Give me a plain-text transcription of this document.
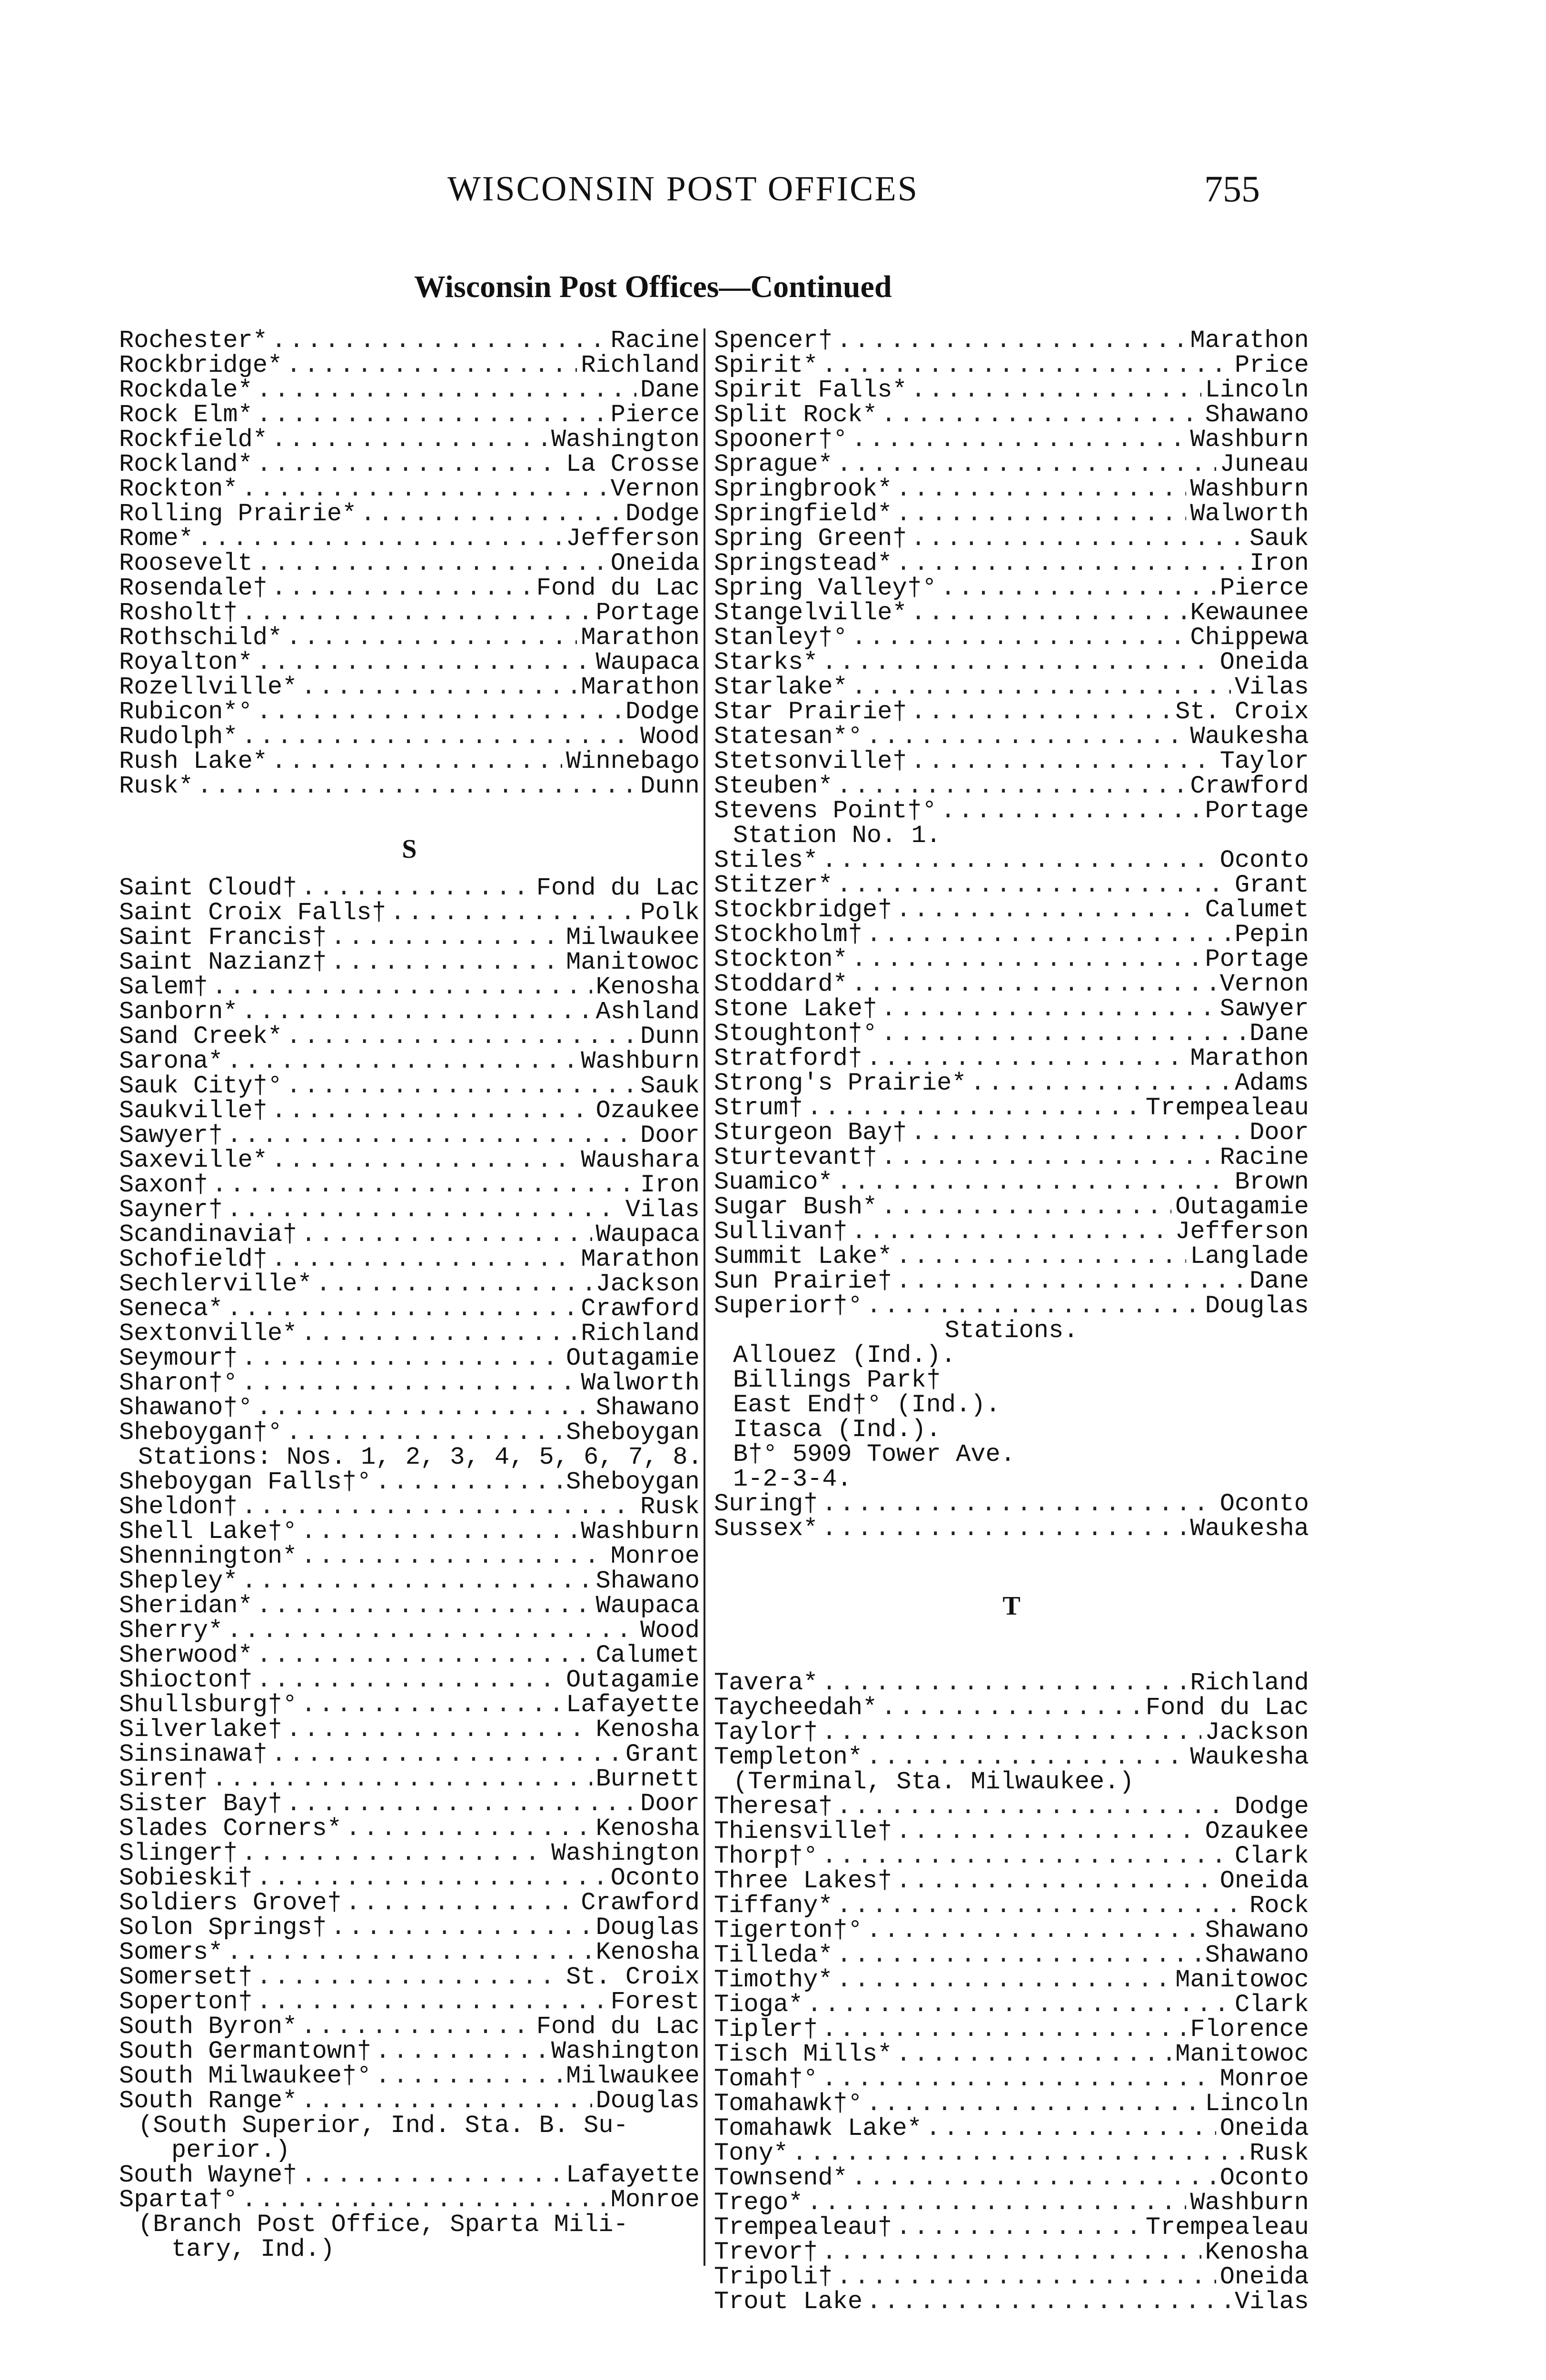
WISCONSIN POST OFFICES	755
Wisconsin Post Offices—Continued
Rochester* .....	Racine
Rockbridge* .....	Richland
Rockdale* .....	Dane
Rock Elm* .....	Pierce
Rockfield* .....	Washington
Rockland* .....	La Crosse
Rockton* .....	Vernon
Rolling Prairie* .....	Dodge
Rome* .....	Jefferson
Roosevelt .....	Oneida
Rosendale† .....	Fond du Lac
Rosholt† .....	Portage
Rothschild* .....	Marathon
Royalton* .....	Waupaca
Rozellville* .....	Marathon
Rubicon*° .....	Dodge
Rudolph* .....	Wood
Rush Lake* .....	Winnebago
Rusk* .....	Dunn
S
Saint Cloud† .....	Fond du Lac
Saint Croix Falls† .....	Polk
Saint Francis† .....	Milwaukee
Saint Nazianz† .....	Manitowoc
Salem† .....	Kenosha
Sanborn* .....	Ashland
Sand Creek* .....	Dunn
Sarona* .....	Washburn
Sauk City†° .....	Sauk
Saukville† .....	Ozaukee
Sawyer† .....	Door
Saxeville* .....	Waushara
Saxon† .....	Iron
Sayner† .....	Vilas
Scandinavia† .....	Waupaca
Schofield† .....	Marathon
Sechlerville* .....	Jackson
Seneca* .....	Crawford
Sextonville* .....	Richland
Seymour† .....	Outagamie
Sharon†° .....	Walworth
Shawano†° .....	Shawano
Sheboygan†° .....	Sheboygan
Stations: Nos. 1, 2, 3, 4, 5, 6, 7, 8.
Sheboygan Falls†° .....	Sheboygan
Sheldon† .....	Rusk
Shell Lake†° .....	Washburn
Shennington* .....	Monroe
Shepley* .....	Shawano
Sheridan* .....	Waupaca
Sherry* .....	Wood
Sherwood* .....	Calumet
Shiocton† .....	Outagamie
Shullsburg†° .....	Lafayette
Silverlake† .....	Kenosha
Sinsinawa† .....	Grant
Siren† .....	Burnett
Sister Bay† .....	Door
Slades Corners* .....	Kenosha
Slinger† .....	Washington
Sobieski† .....	Oconto
Soldiers Grove† .....	Crawford
Solon Springs† .....	Douglas
Somers* .....	Kenosha
Somerset† .....	St. Croix
Soperton† .....	Forest
South Byron* .....	Fond du Lac
South Germantown† .....	Washington
South Milwaukee†° .....	Milwaukee
South Range* .....	Douglas
(South Superior, Ind. Sta. B. Su-
perior.)
South Wayne† .....	Lafayette
Sparta†° .....	Monroe
(Branch Post Office, Sparta Mili-
tary, Ind.)
Spencer† .....	Marathon
Spirit* .....	Price
Spirit Falls* .....	Lincoln
Split Rock* .....	Shawano
Spooner†° .....	Washburn
Sprague* .....	Juneau
Springbrook* .....	Washburn
Springfield* .....	Walworth
Spring Green† .....	Sauk
Springstead* .....	Iron
Spring Valley†° .....	Pierce
Stangelville* .....	Kewaunee
Stanley†° .....	Chippewa
Starks* .....	Oneida
Starlake* .....	Vilas
Star Prairie† .....	St. Croix
Statesan*° .....	Waukesha
Stetsonville† .....	Taylor
Steuben* .....	Crawford
Stevens Point†° .....	Portage
Station No. 1.
Stiles* .....	Oconto
Stitzer* .....	Grant
Stockbridge† .....	Calumet
Stockholm† .....	Pepin
Stockton* .....	Portage
Stoddard* .....	Vernon
Stone Lake† .....	Sawyer
Stoughton†° .....	Dane
Stratford† .....	Marathon
Strong's Prairie* .....	Adams
Strum† .....	Trempealeau
Sturgeon Bay† .....	Door
Sturtevant† .....	Racine
Suamico* .....	Brown
Sugar Bush* .....	Outagamie
Sullivan† .....	Jefferson
Summit Lake* .....	Langlade
Sun Prairie† .....	Dane
Superior†° .....	Douglas
Stations.
Allouez (Ind.).
Billings Park†
East End†° (Ind.).
Itasca (Ind.).
B†° 5909 Tower Ave.
1-2-3-4.
Suring† .....	Oconto
Sussex* .....	Waukesha
T
Tavera* .....	Richland
Taycheedah* .....	Fond du Lac
Taylor† .....	Jackson
Templeton* .....	Waukesha
(Terminal, Sta. Milwaukee.)
Theresa† .....	Dodge
Thiensville† .....	Ozaukee
Thorp†° .....	Clark
Three Lakes† .....	Oneida
Tiffany* .....	Rock
Tigerton†° .....	Shawano
Tilleda* .....	Shawano
Timothy* .....	Manitowoc
Tioga* .....	Clark
Tipler† .....	Florence
Tisch Mills* .....	Manitowoc
Tomah†° .....	Monroe
Tomahawk†° .....	Lincoln
Tomahawk Lake* .....	Oneida
Tony* .....	Rusk
Townsend* .....	Oconto
Trego* .....	Washburn
Trempealeau† .....	Trempealeau
Trevor† .....	Kenosha
Tripoli† .....	Oneida
Trout Lake .....	Vilas
